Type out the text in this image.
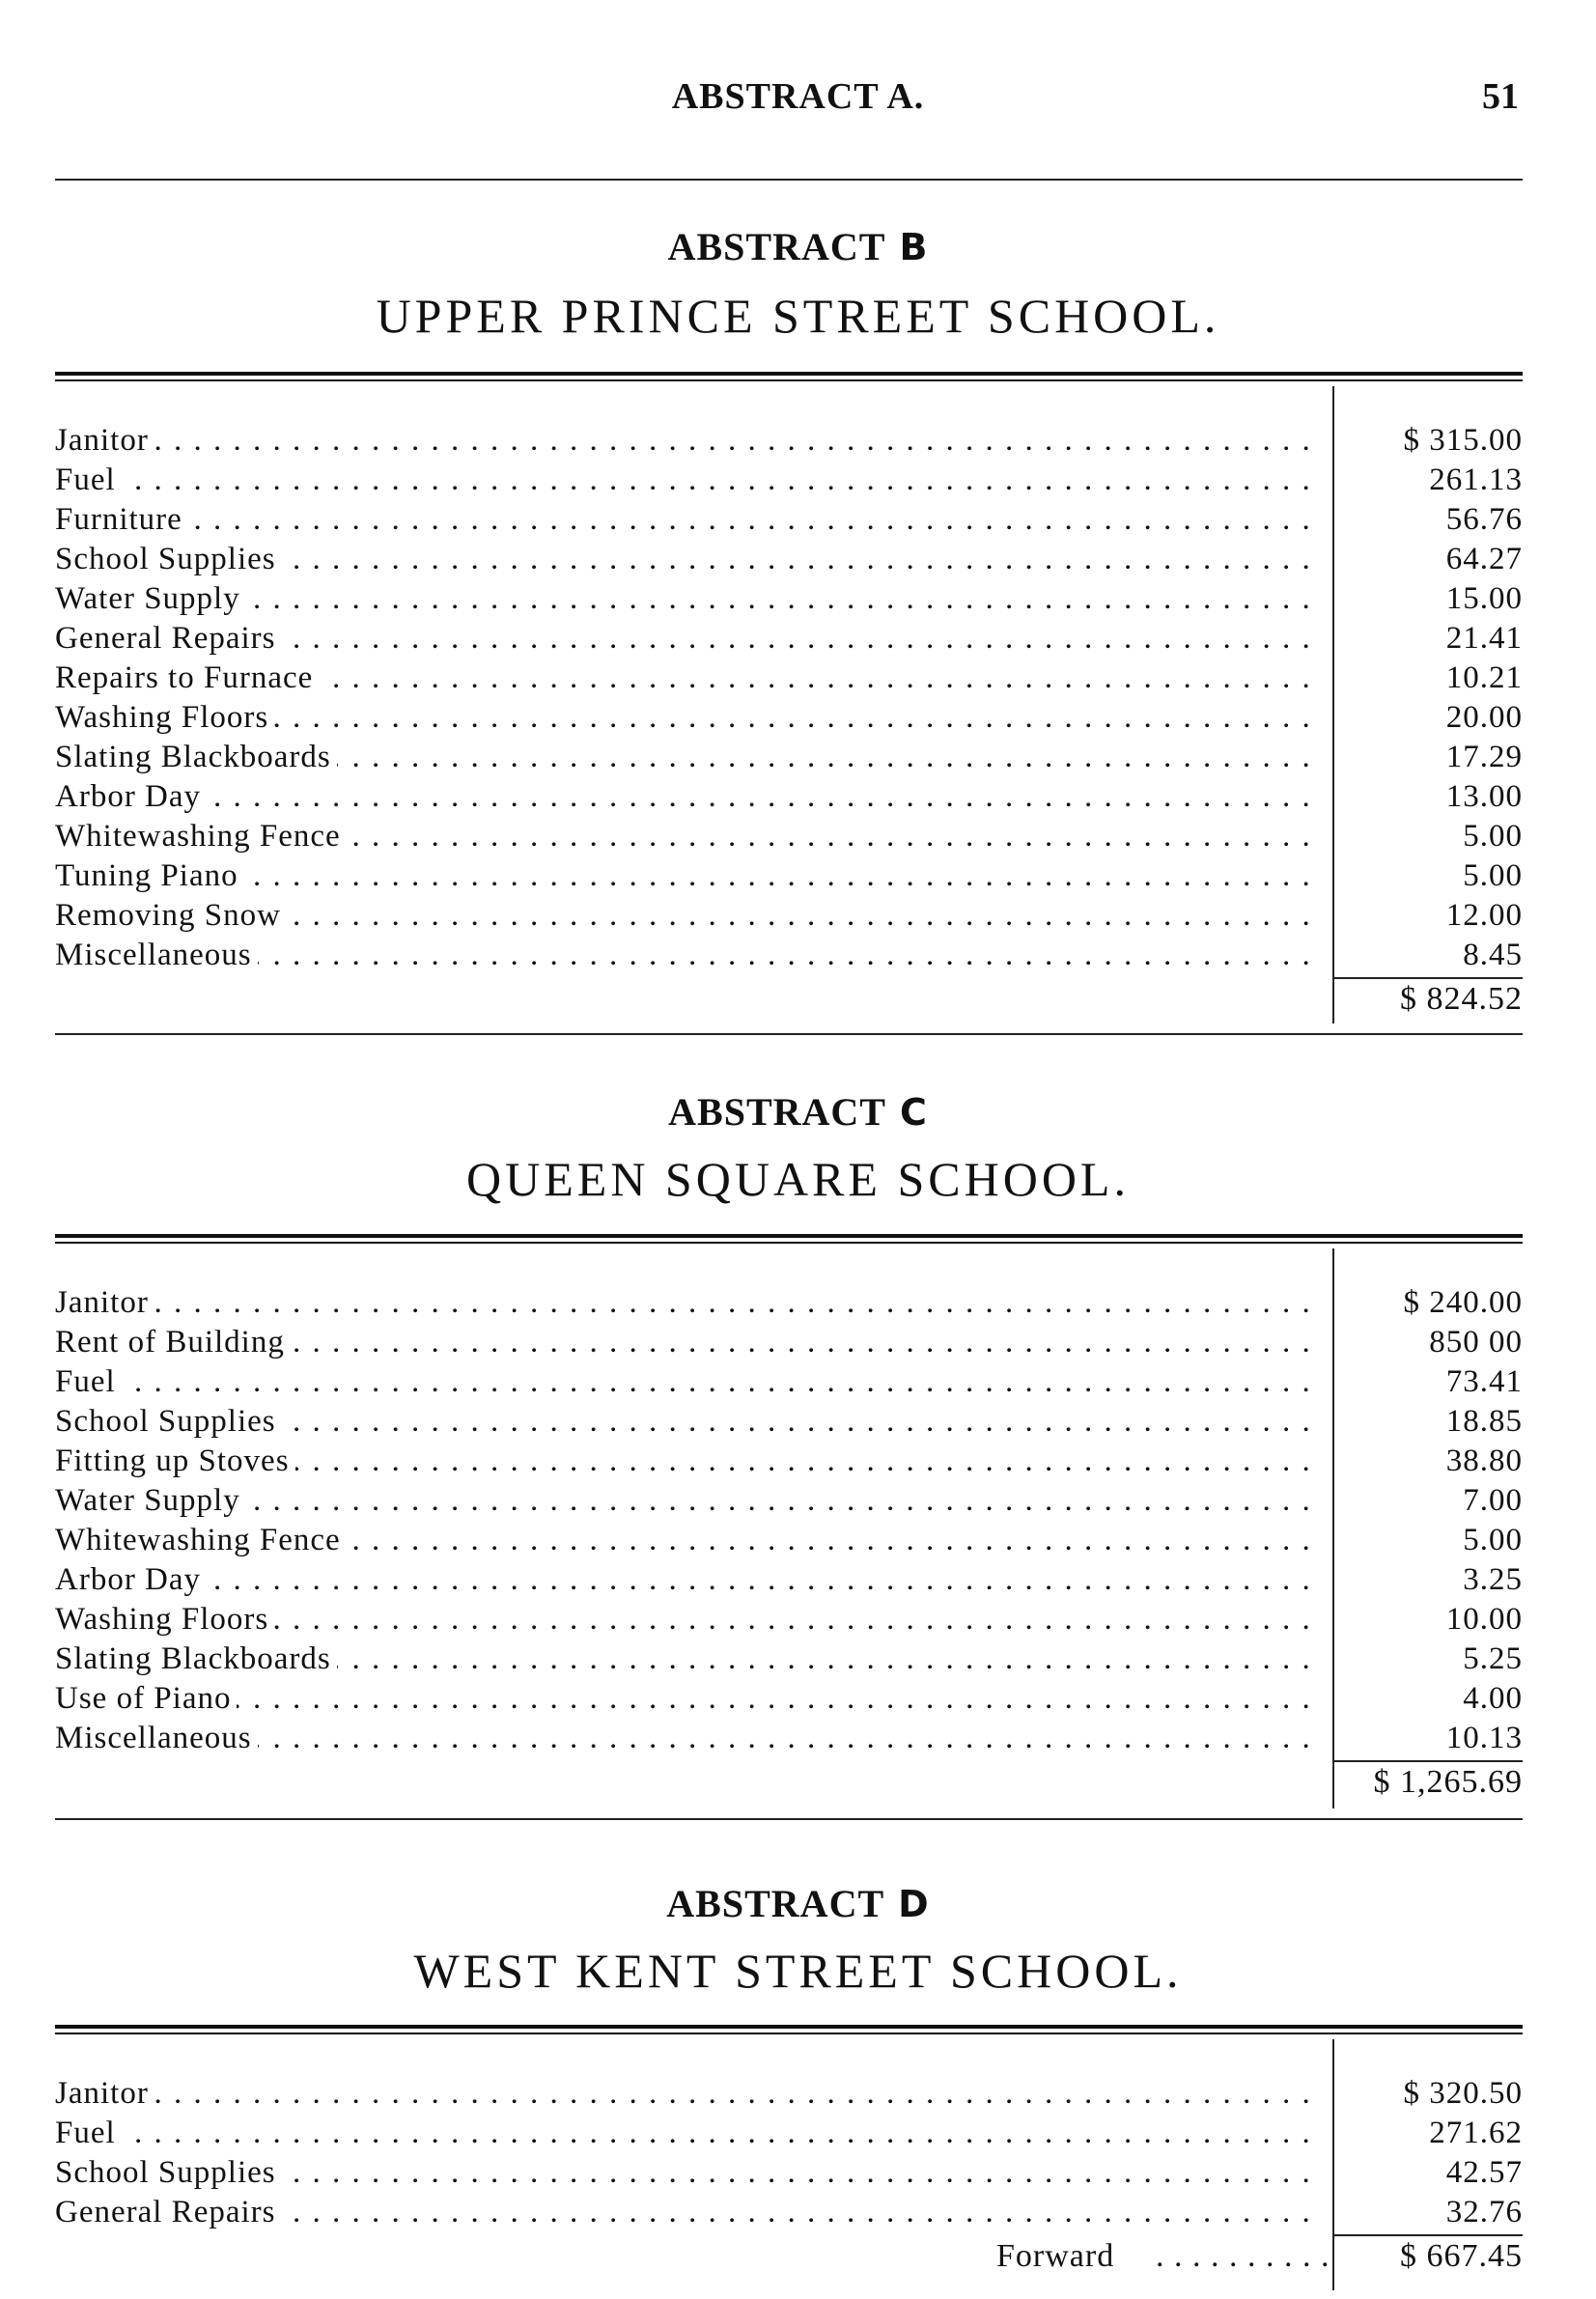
ABSTRACT A.	51
ABSTRACT B
UPPER PRINCE STREET SCHOOL.
Janitor . . .	$ 315.00
Fuel . . .	261.13
Furniture . . .	56.76
School Supplies . . .	64.27
Water Supply . . .	15.00
General Repairs . . .	21.41
Repairs to Furnace . . .	10.21
Washing Floors . . .	20.00
Slating Blackboards . . .	17.29
Arbor Day . . .	13.00
Whitewashing Fence . . .	5.00
Tuning Piano . . .	5.00
Removing Snow . . .	12.00
Miscellaneous . . .	8.45
$ 824.52
ABSTRACT C
QUEEN SQUARE SCHOOL.
Janitor . . .	$ 240.00
Rent of Building . . .	850 00
Fuel . . .	73.41
School Supplies . . .	18.85
Fitting up Stoves . . .	38.80
Water Supply . . .	7.00
Whitewashing Fence . . .	5.00
Arbor Day . . .	3.25
Washing Floors . . .	10.00
Slating Blackboards . . .	5.25
Use of Piano . . .	4.00
Miscellaneous . . .	10.13
$ 1,265.69
ABSTRACT D
WEST KENT STREET SCHOOL.
Janitor . . .	$ 320.50
Fuel . . .	271.62
School Supplies . . .	42.57
General Repairs . . .	32.76
Forward . . . . . . . . . .	$ 667.45
